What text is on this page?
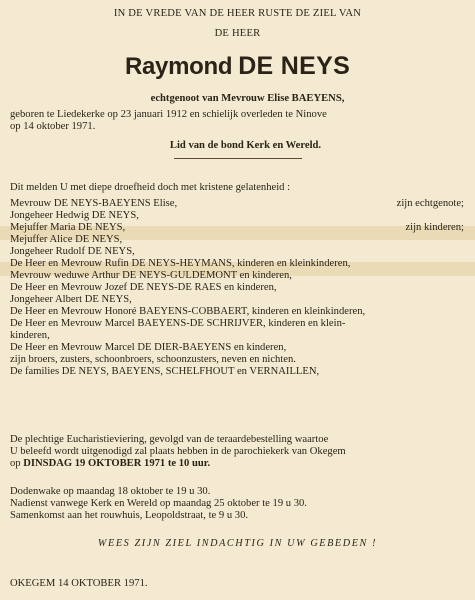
IN DE VREDE VAN DE HEER RUSTE DE ZIEL VAN
DE HEER
Raymond DE NEYS
echtgenoot van Mevrouw Elise BAEYENS,
geboren te Liedekerke op 23 januari 1912 en schielijk overleden te Ninove
op 14 oktober 1971.
Lid van de bond Kerk en Wereld.
Dit melden U met diepe droefheid doch met kristene gelatenheid :
Mevrouw DE NEYS-BAEYENS Elise,	zijn echtgenote;
Jongeheer Hedwig DE NEYS,
Mejuffer Maria DE NEYS,	zijn kinderen;
Mejuffer Alice DE NEYS,
Jongeheer Rudolf DE NEYS,
De Heer en Mevrouw Rufin DE NEYS-HEYMANS, kinderen en kleinkinderen,
Mevrouw weduwe Arthur DE NEYS-GULDEMONT en kinderen,
De Heer en Mevrouw Jozef DE NEYS-DE RAES en kinderen,
Jongeheer Albert DE NEYS,
De Heer en Mevrouw Honoré BAEYENS-COBBAERT, kinderen en kleinkinderen,
De Heer en Mevrouw Marcel BAEYENS-DE SCHRIJVER, kinderen en klein-
kinderen,
De Heer en Mevrouw Marcel DE DIER-BAEYENS en kinderen,
zijn broers, zusters, schoonbroers, schoonzusters, neven en nichten.
De families DE NEYS, BAEYENS, SCHELFHOUT en VERNAILLEN,
De plechtige Eucharistieviering, gevolgd van de teraardebestelling waartoe
U beleefd wordt uitgenodigd zal plaats hebben in de parochiekerk van Okegem
op DINSDAG 19 OKTOBER 1971 te 10 uur.
Dodenwake op maandag 18 oktober te 19 u 30.
Nadienst vanwege Kerk en Wereld op maandag 25 oktober te 19 u 30.
Samenkomst aan het rouwhuis, Leopoldstraat, te 9 u 30.
WEES ZIJN ZIEL INDACHTIG IN UW GEBEDEN !
OKEGEM 14 OKTOBER 1971.
